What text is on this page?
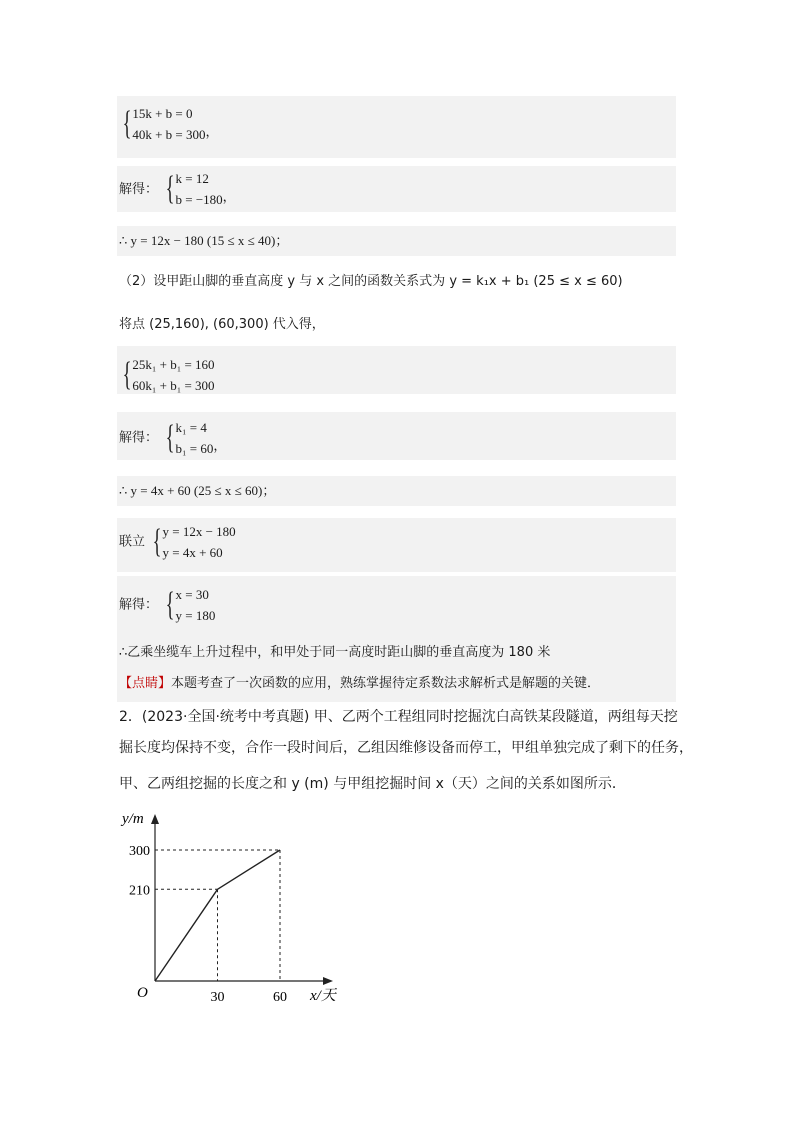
{ 15k + b = 0
40k + b = 300 ，
解得： { k = 12
b = −180 ，
∴ y = 12x − 180 (15 ≤ x ≤ 40)；
（2）设甲距山脚的垂直高度 y 与 x 之间的函数关系式为 y = k₁x + b₁ (25 ≤ x ≤ 60)
将点 (25,160), (60,300) 代入得，
{ 25k₁ + b₁ = 160
60k₁ + b₁ = 300
解得： { k₁ = 4
b₁ = 60 ，
∴ y = 4x + 60 (25 ≤ x ≤ 60)；
联立 { y = 12x − 180
y = 4x + 60
解得： { x = 30
y = 180
∴乙乘坐缆车上升过程中，和甲处于同一高度时距山脚的垂直高度为 180 米
【点睛】本题考查了一次函数的应用，熟练掌握待定系数法求解析式是解题的关键．
2．(2023·全国·统考中考真题) 甲、乙两个工程组同时挖掘沈白高铁某段隧道，两组每天挖
掘长度均保持不变，合作一段时间后，乙组因维修设备而停工，甲组单独完成了剩下的任务，
甲、乙两组挖掘的长度之和 y (m) 与甲组挖掘时间 x（天）之间的关系如图所示．
y/m
x/天
O	30	60
210
300
